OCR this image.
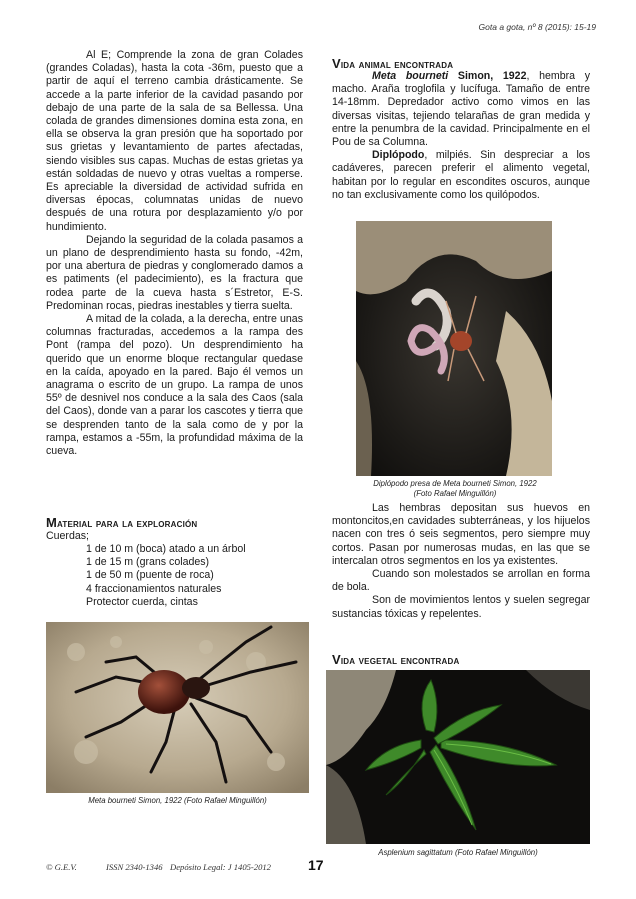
Gota a gota, nº 8 (2015): 15-19

Al E; Comprende la zona de gran Colades (grandes Coladas), hasta la cota -36m, puesto que a partir de aquí el terreno cambia drásticamente. Se accede a la parte inferior de la cavidad pasando por debajo de una parte de la sala de sa Bellessa. Una colada de grandes dimensiones domina esta zona, en ella se observa la gran presión que ha soportado por sus grietas y levantamiento de partes afectadas, siendo visibles sus capas. Muchas de estas grietas ya están soldadas de nuevo y otras vueltas a romperse. Es apreciable la diversidad de actividad sufrida en diversas épocas, columnatas unidas de nuevo después de una rotura por desplazamiento y/o por hundimiento.

Dejando la seguridad de la colada pasamos a un plano de desprendimiento hasta su fondo, -42m, por una abertura de piedras y conglomerado damos a es patiments (el padecimiento), es la fractura que rodea parte de la cueva hasta s´Estretor, E-S. Predominan rocas, piedras inestables y tierra suelta.

A mitad de la colada, a la derecha, entre unas columnas fracturadas, accedemos a la rampa des Pont (rampa del pozo). Un desprendimiento ha querido que un enorme bloque rectangular quedase en la caída, apoyado en la pared. Bajo él vemos un anagrama o escrito de un grupo. La rampa de unos 55º de desnivel nos conduce a la sala des Caos (sala del Caos), donde van a parar los cascotes y tierra que se desprenden tanto de la sala como de y por la rampa, estamos a -55m, la profundidad máxima de la cueva.

Material para la exploración
Cuerdas;
1 de 10 m (boca) atado a un árbol
1 de 15 m (grans colades)
1 de 50 m (puente de roca)
4 fraccionamientos naturales
Protector cuerda, cintas
Meta bourneti Simon, 1922 (Foto Rafael Minguillón)
Vida animal encontrada

Meta bourneti Simon, 1922, hembra y macho. Araña troglofila y lucífuga. Tamaño de entre 14-18mm. Depredador activo como vimos en las diversas visitas, tejiendo telarañas de gran medida y entre la penumbra de la cavidad. Principalmente en el Pou de sa Columna.

Diplópodo, milpiés. Sin despreciar a los cadáveres, parecen preferir el alimento vegetal, habitan por lo regular en escondites oscuros, aunque no tan exclusivamente como los quilópodos.

Diplópodo presa de Meta bourneti Simon, 1922
(Foto Rafael Minguillón)

Las hembras depositan sus huevos en montoncitos,en cavidades subterráneas, y los hijuelos nacen con tres ó seis segmentos, pero siempre muy cortos. Pasan por numerosas mudas, en las que se intercalan otros segmentos en los ya existentes.

Cuando son molestados se arrollan en forma de bola.

Son de movimientos lentos y suelen segregar sustancias tóxicas y repelentes.

Vida vegetal encontrada
Asplenium sagittatum (Foto Rafael Minguillón)
© G.E.V.	ISSN 2340-1346 Depósito Legal: J 1405-2012	17
